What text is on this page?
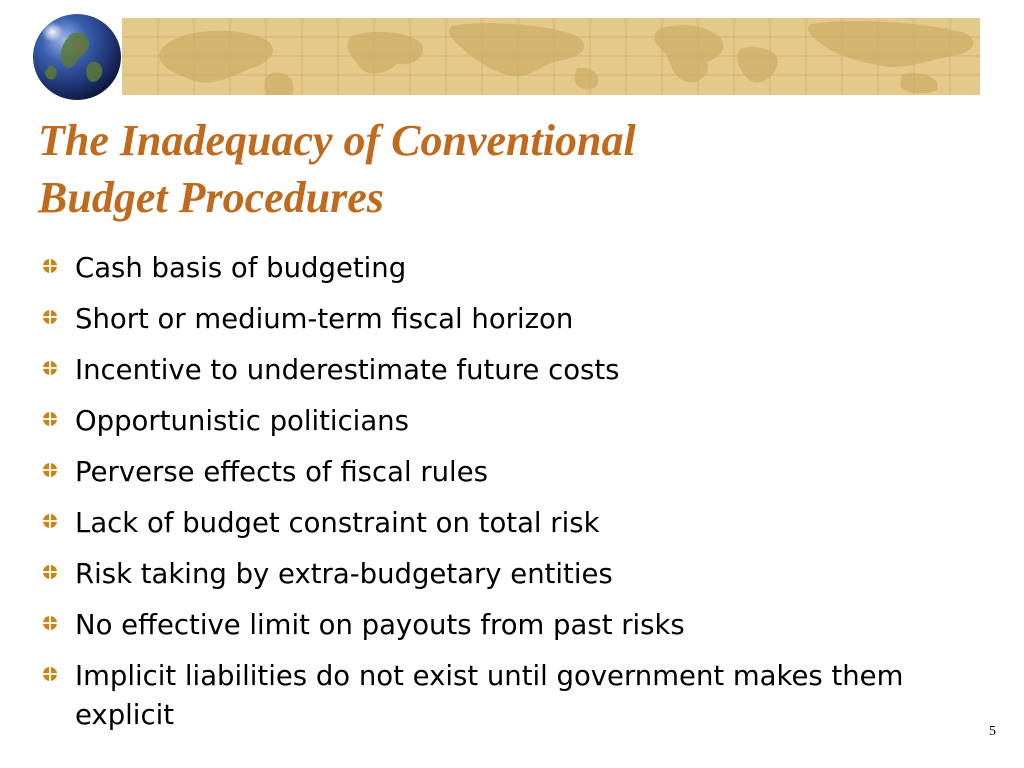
The Inadequacy of Conventional
Budget Procedures
Cash basis of budgeting
Short or medium-term fiscal horizon
Incentive to underestimate future costs
Opportunistic politicians
Perverse effects of fiscal rules
Lack of budget constraint on total risk
Risk taking by extra-budgetary entities
No effective limit on payouts from past risks
Implicit liabilities do not exist until government makes them explicit
5
